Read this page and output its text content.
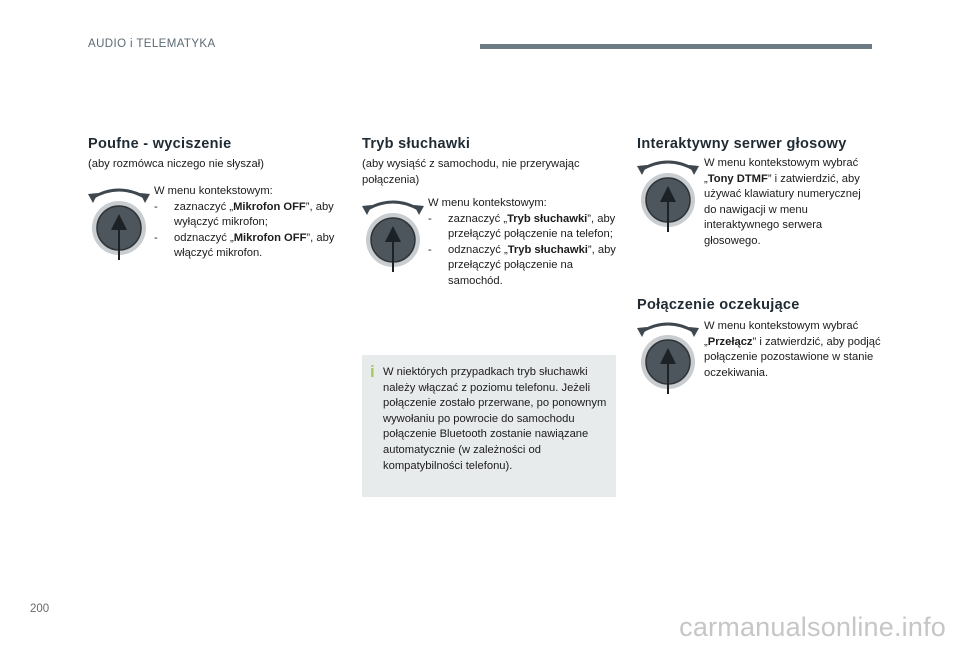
AUDIO i TELEMATYKA
Poufne - wyciszenie
(aby rozmówca niczego nie słyszał)
W menu kontekstowym:
- zaznaczyć „Mikrofon OFF”, aby wyłączyć mikrofon;
- odznaczyć „Mikrofon OFF”, aby włączyć mikrofon.
Tryb słuchawki
(aby wysiąść z samochodu, nie przerywając połączenia)
W menu kontekstowym:
- zaznaczyć „Tryb słuchawki”, aby przełączyć połączenie na telefon;
- odznaczyć „Tryb słuchawki”, aby przełączyć połączenie na samochód.
i W niektórych przypadkach tryb słuchawki należy włączać z poziomu telefonu. Jeżeli połączenie zostało przerwane, po ponownym wywołaniu po powrocie do samochodu połączenie Bluetooth zostanie nawiązane automatycznie (w zależności od kompatybilności telefonu).
Interaktywny serwer głosowy
W menu kontekstowym wybrać „Tony DTMF” i zatwierdzić, aby używać klawiatury numerycznej do nawigacji w menu interaktywnego serwera głosowego.
Połączenie oczekujące
W menu kontekstowym wybrać „Przełącz” i zatwierdzić, aby podjąć połączenie pozostawione w stanie oczekiwania.
200
carmanualsonline.info
